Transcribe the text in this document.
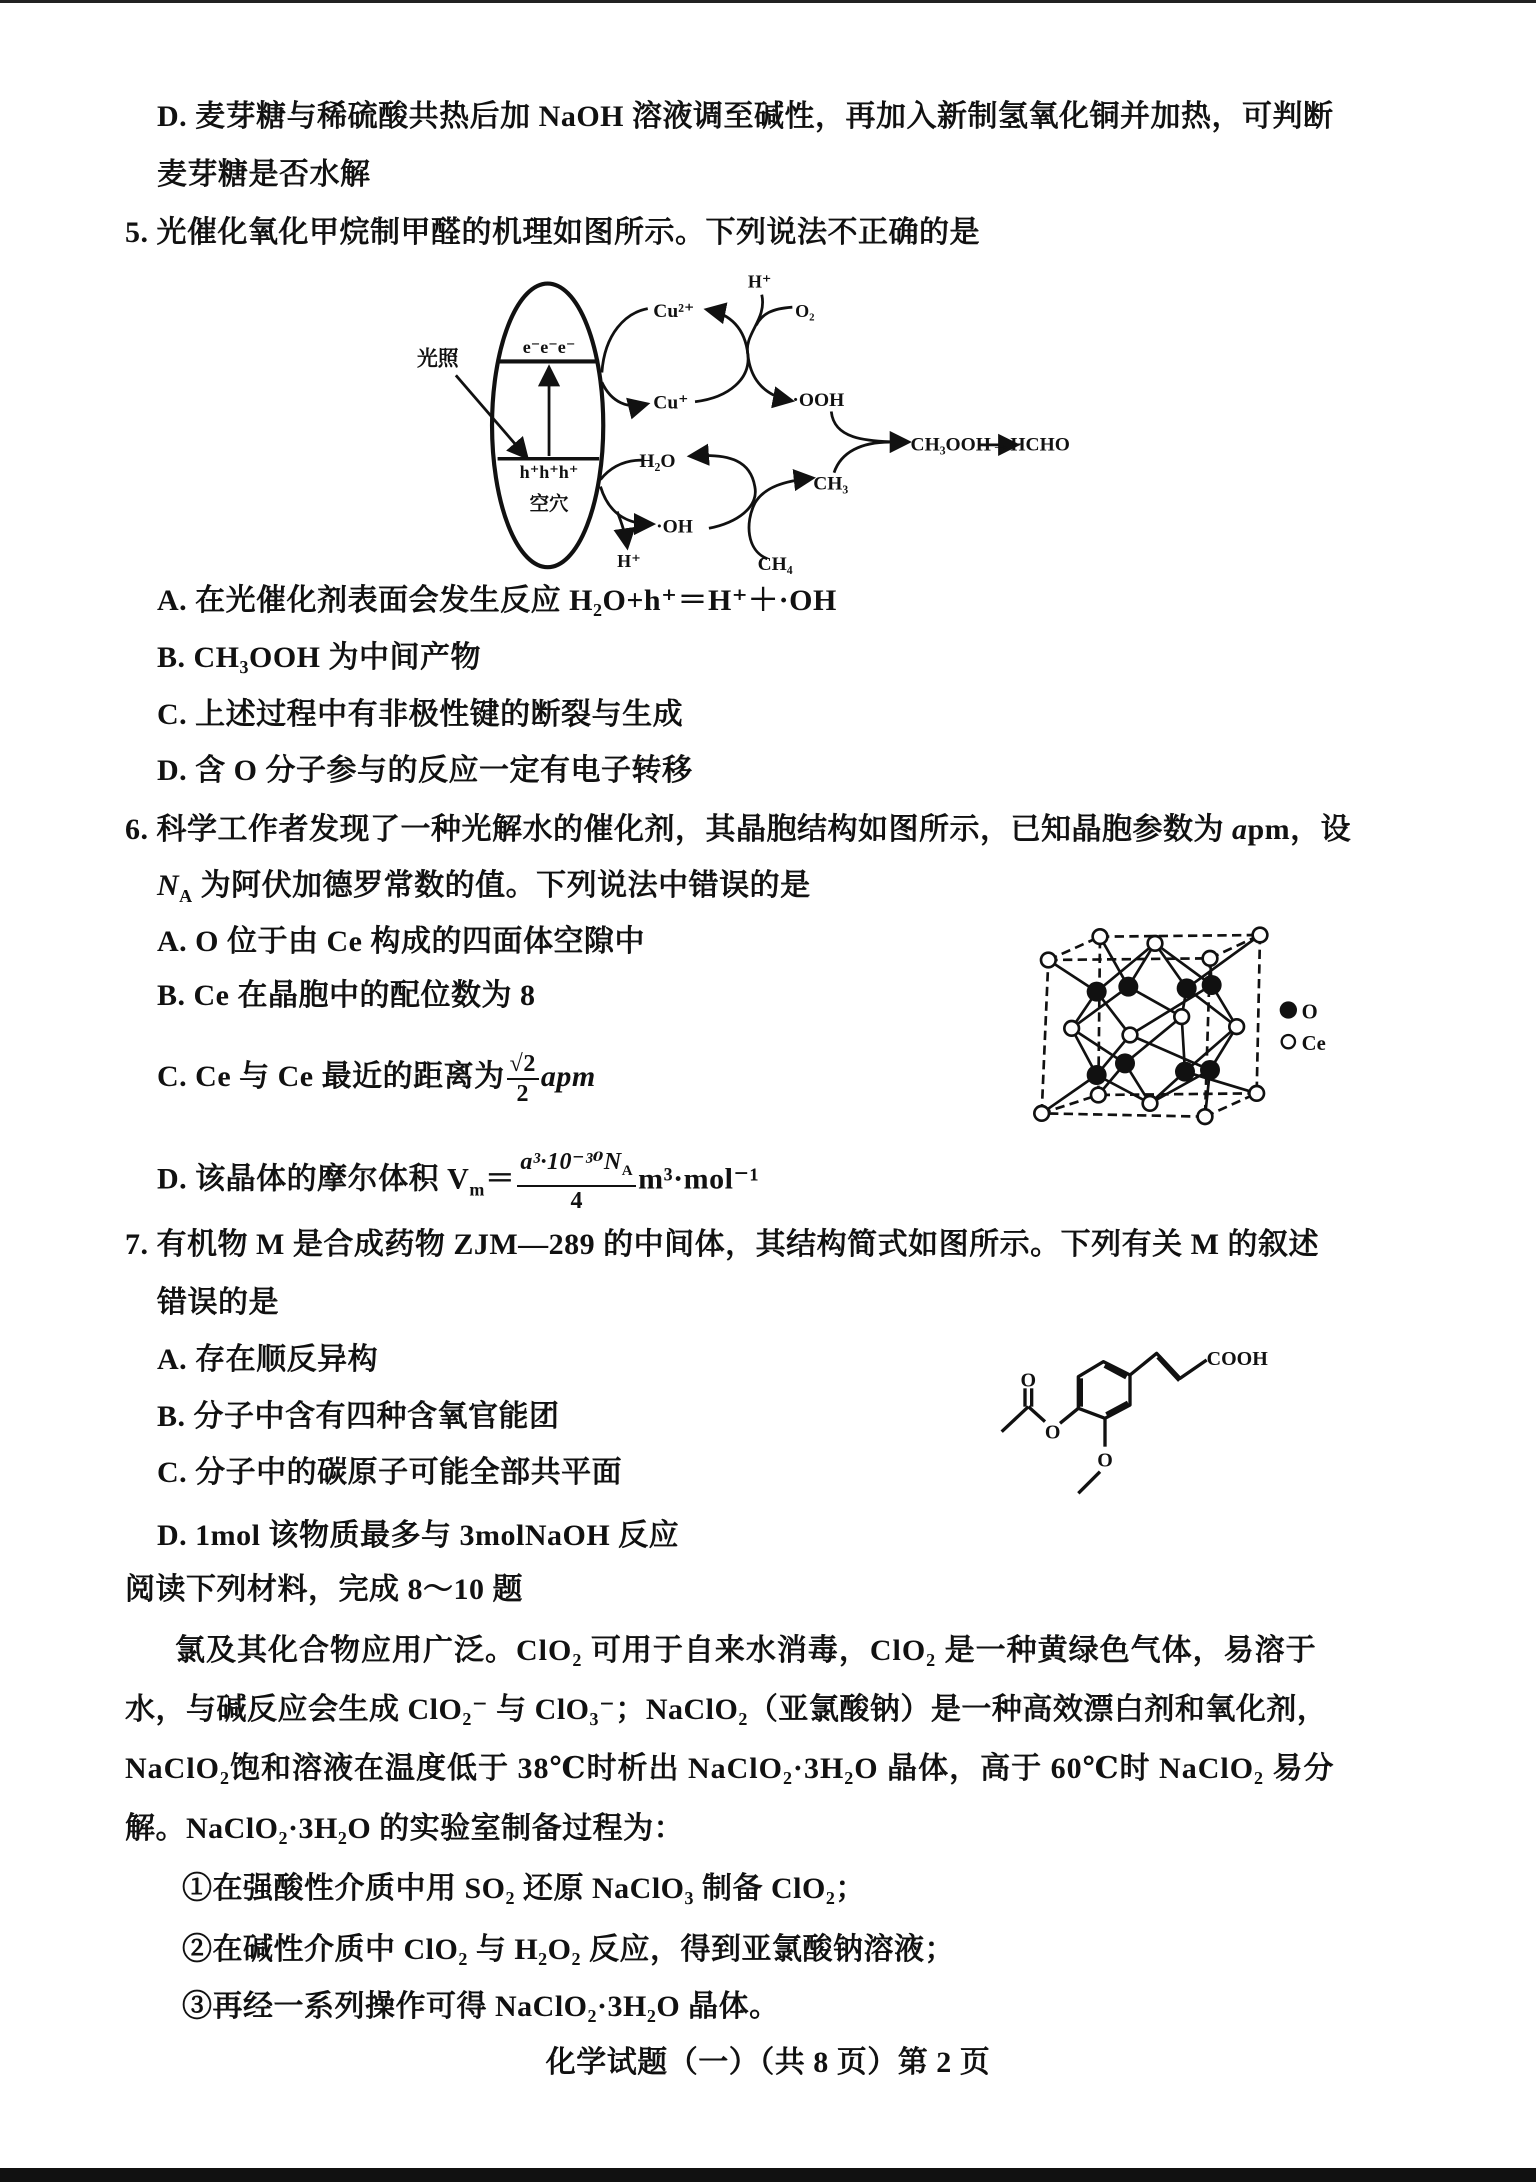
D. 麦芽糖与稀硫酸共热后加 NaOH 溶液调至碱性，再加入新制氢氧化铜并加热，可判断
麦芽糖是否水解
5. 光催化氧化甲烷制甲醛的机理如图所示。下列说法不正确的是
e⁻e⁻e⁻
h⁺h⁺h⁺
空穴
光照
Cu²⁺
Cu⁺
H⁺
O₂
·OOH
CH₃OOH→HCHO
H₂O
·OH
H⁺
CH₃
CH₄
A. 在光催化剂表面会发生反应 H₂O+h⁺＝H⁺＋·OH
B. CH₃OOH 为中间产物
C. 上述过程中有非极性键的断裂与生成
D. 含 O 分子参与的反应一定有电子转移
6. 科学工作者发现了一种光解水的催化剂，其晶胞结构如图所示，已知晶胞参数为 apm，设
$N_A$ 为阿伏加德罗常数的值。下列说法中错误的是
A. O 位于由 Ce 构成的四面体空隙中
B. Ce 在晶胞中的配位数为 8
C. Ce 与 Ce 最近的距离为 $\frac{√2}{2}$ apm
D. 该晶体的摩尔体积 $V_m= \frac{a^3\cdot 10^{-30}N_A}{4} m^3\cdot mol^{-1}$
O
Ce
7. 有机物 M 是合成药物 ZJM—289 的中间体，其结构简式如图所示。下列有关 M 的叙述
错误的是
A. 存在顺反异构
B. 分子中含有四种含氧官能团
C. 分子中的碳原子可能全部共平面
D. 1mol 该物质最多与 3molNaOH 反应
COOH
O
O
O
阅读下列材料，完成 8～10 题
氯及其化合物应用广泛。ClO₂ 可用于自来水消毒，ClO₂ 是一种黄绿色气体，易溶于
水，与碱反应会生成 ClO₂⁻ 与 ClO₃⁻；NaClO₂（亚氯酸钠）是一种高效漂白剂和氧化剂，
NaClO₂饱和溶液在温度低于 38℃时析出 NaClO₂·3H₂O 晶体，高于 60℃时 NaClO₂ 易分
解。NaClO₂·3H₂O 的实验室制备过程为：
①在强酸性介质中用 SO₂ 还原 NaClO₃ 制备 ClO₂；
②在碱性介质中 ClO₂ 与 H₂O₂ 反应，得到亚氯酸钠溶液；
③再经一系列操作可得 NaClO₂·3H₂O 晶体。
化学试题（一）（共 8 页）第 2 页
